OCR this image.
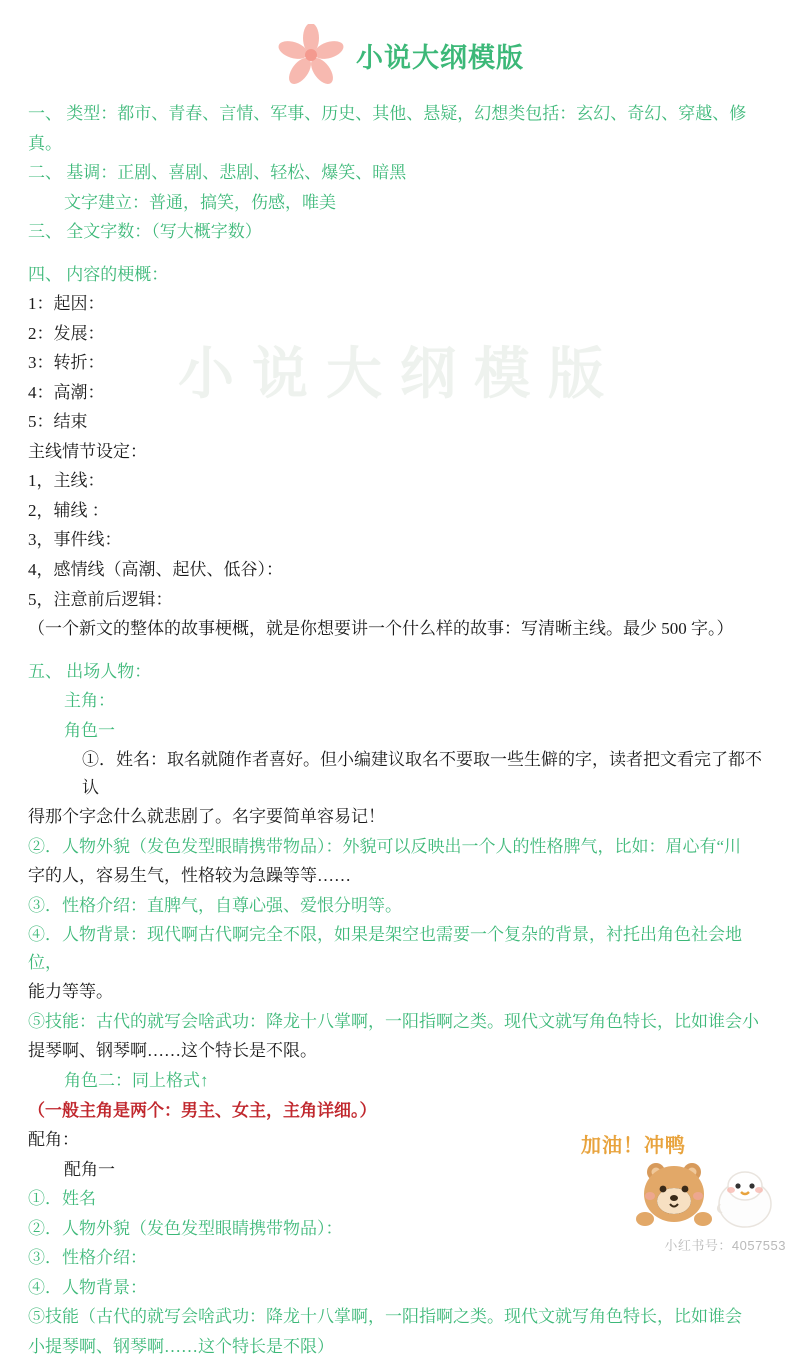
小说大纲模版
小说大纲模版
一、 类型：都市、青春、言情、军事、历史、其他、悬疑，幻想类包括：玄幻、奇幻、穿越、修
真。
二、 基调：正剧、喜剧、悲剧、轻松、爆笑、暗黑
文字建立：普通，搞笑，伤感，唯美
三、 全文字数：（写大概字数）
四、 内容的梗概：
1：起因：
2：发展：
3：转折：
4：高潮：
5：结束
主线情节设定：
1，主线：
2，辅线 ：
3，事件线：
4，感情线（高潮、起伏、低谷）：
5，注意前后逻辑：
（一个新文的整体的故事梗概，就是你想要讲一个什么样的故事：写清晰主线。最少 500 字。）
五、 出场人物：
主角：
角色一
①．姓名：取名就随作者喜好。但小编建议取名不要取一些生僻的字，读者把文看完了都不认
得那个字念什么就悲剧了。名字要简单容易记！
②．人物外貌（发色发型眼睛携带物品）：外貌可以反映出一个人的性格脾气，比如：眉心有“川
字的人，容易生气，性格较为急躁等等……
③．性格介绍：直脾气，自尊心强、爱恨分明等。
④．人物背景：现代啊古代啊完全不限，如果是架空也需要一个复杂的背景，衬托出角色社会地位，
能力等等。
⑤技能：古代的就写会啥武功：降龙十八掌啊，一阳指啊之类。现代文就写角色特长，比如谁会小
提琴啊、钢琴啊……这个特长是不限。
角色二：同上格式↑
（一般主角是两个：男主、女主，主角详细。）
配角：
配角一
①．姓名
②．人物外貌（发色发型眼睛携带物品）：
③．性格介绍：
④．人物背景：
⑤技能（古代的就写会啥武功：降龙十八掌啊，一阳指啊之类。现代文就写角色特长，比如谁会
小提琴啊、钢琴啊……这个特长是不限）
加油！冲鸭
小红书号：4057553
